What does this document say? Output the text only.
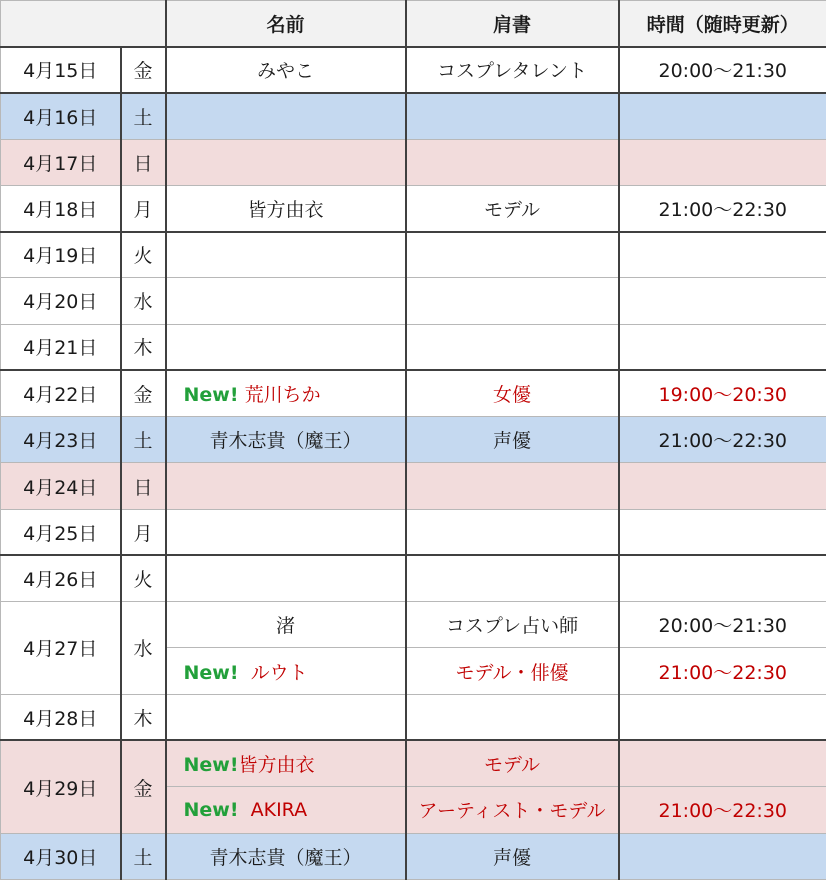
		名前	肩書	時間（随時更新）
4月15日	金	みやこ	コスプレタレント	20:00～21:30
4月16日	土			
4月17日	日			
4月18日	月	皆方由衣	モデル	21:00～22:30
4月19日	火			
4月20日	水			
4月21日	木			
4月22日	金	New! 荒川ちか	女優	19:00～20:30
4月23日	土	青木志貴（魔王）	声優	21:00～22:30
4月24日	日			
4月25日	月			
4月26日	火			
4月27日	水	渚	コスプレ占い師	20:00～21:30

		New! ルウト	モデル・俳優	21:00～22:30
4月28日	木			
4月29日	金	New!皆方由衣	モデル	

		New! AKIRA	アーティスト・モデル	21:00～22:30
4月30日	土	青木志貴（魔王）	声優	
